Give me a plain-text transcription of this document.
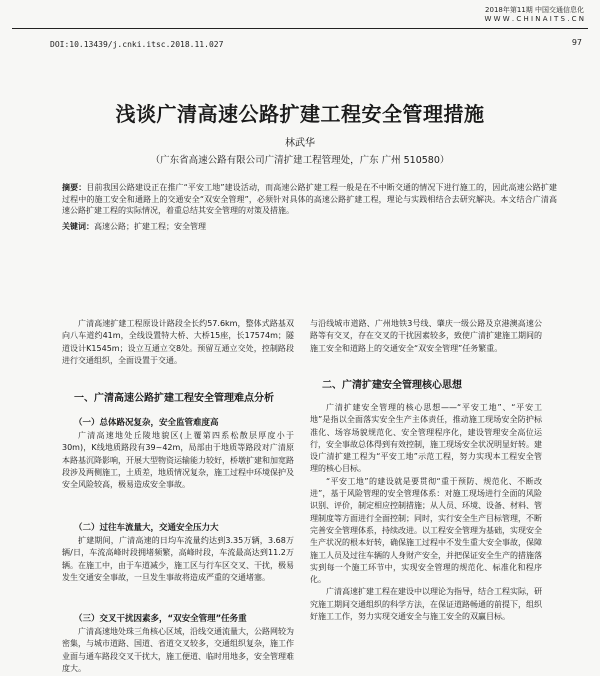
2018年第11期 中国交通信息化
W W W . C H I N A I T S . C N
DOI:10.13439/j.cnki.itsc.2018.11.027	97
浅谈广清高速公路扩建工程安全管理措施
林武华
（广东省高速公路有限公司广清扩建工程管理处，广东 广州 510580）
摘要：目前我国公路建设正在推广“平安工地”建设活动，而高速公路扩建工程一般是在不中断交通的情况下进行施工的，因此高速公路扩建过程中的施工安全和通路上的交通安全“双安全管理”，必须针对具体的高速公路扩建工程，理论与实践相结合去研究解决。本文结合广清高速公路扩建工程的实际情况，着重总结其安全管理的对策及措施。
关键词：高速公路；扩建工程；安全管理

广清高速扩建工程原设计路段全长约57.6km，整体式路基双向八车道约41m，全线设置特大桥、大桥15座，长17574m；隧道设计K1545m；设立互通立交8处。预留互通立交处，控制路段进行交通组织，全面设置于交通。

一、广清高速公路扩建工程安全管理难点分析
（一）总体路况复杂，安全监管难度高

广清高速地处丘陵地貌区(上覆第四系松散层厚度小于30m)，K线地质路段有39~42m，局部由于地质等路段对广清原本路基沉降影响，开展大型物资运输能力较好，桥墩扩建和加宽路段涉及两侧施工，土质差，地质情况复杂，施工过程中环境保护及安全风险较高，极易造成安全事故。

（二）过往车流量大，交通安全压力大

扩建期间，广清高速的日均车流量约达到3.35万辆，3.68万辆/日，车流高峰时段拥堵频繁，高峰时段，车流最高达到11.2万辆。在施工中，由于车道减少，施工区与行车区交叉、干扰，极易发生交通安全事故，一旦发生事故将造成严重的交通堵塞。

（三）交叉干扰因素多，“双安全管理”任务重

广清高速地处珠三角核心区域，沿线交通流量大，公路网较为密集，与城市道路、国道、省道交叉较多，交通组织复杂，施工作业面与通车路段交叉干扰大，施工便道、临时用地多，安全管理难度大。

与沿线城市道路、广州地铁3号线、肇庆一级公路及京港澳高速公路等有交叉，存在交叉的干扰因素较多，致使广清扩建施工期间的施工安全和道路上的交通安全“双安全管理”任务繁重。

二、广清扩建安全管理核心思想

广清扩建安全管理的核心思想——“平安工地”、“平安工地”是指以全面落实安全生产主体责任，推动施工现场安全防护标准化、场容场貌规范化、安全管理程序化，建设管理安全高位运行，安全事故总体得到有效控制，施工现场安全状况明显好转。建设广清扩建工程为“平安工地”示范工程，努力实现本工程安全管理的核心目标。

“平安工地”的建设就是要贯彻“重于预防、规范化、不断改进”，基于风险管理的安全管理体系：对施工现场进行全面的风险识别、评价，制定相应控制措施；从人员、环境、设备、材料、管理制度等方面进行全面控制；同时，实行安全生产目标管理，不断完善安全管理体系，持续改进。以工程安全管理为基础，实现安全生产状况的根本好转，确保施工过程中不发生重大安全事故，保障施工人员及过往车辆的人身财产安全，并把保证安全生产的措施落实到每一个施工环节中，实现安全管理的规范化、标准化和程序化。

广清高速扩建工程在建设中以理论为指导，结合工程实际，研究施工期间交通组织的科学方法，在保证道路畅通的前提下，组织好施工工作，努力实现交通安全与施工安全的双赢目标。
